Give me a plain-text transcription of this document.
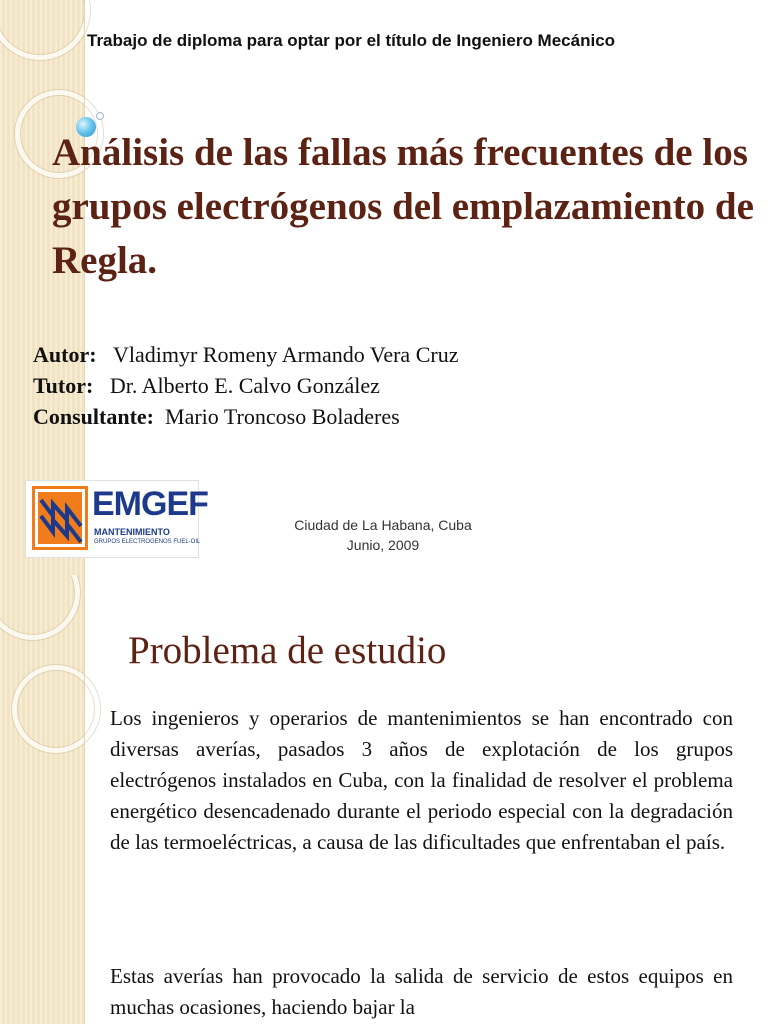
Trabajo de diploma para optar por el título de Ingeniero Mecánico
Análisis de las fallas más frecuentes de los grupos electrógenos del emplazamiento de Regla.
Autor: Vladimyr Romeny Armando Vera Cruz
Tutor: Dr. Alberto E. Calvo González
Consultante: Mario Troncoso Boladeres
EMGEF
MANTENIMIENTO
GRUPOS ELECTROGENOS FUEL-OIL
Ciudad de La Habana, Cuba
Junio, 2009
Problema de estudio

Los ingenieros y operarios de mantenimientos se han encontrado con diversas averías, pasados 3 años de explotación de los grupos electrógenos instalados en Cuba, con la finalidad de resolver el problema energético desencadenado durante el periodo especial con la degradación de las termoeléctricas, a causa de las dificultades que enfrentaban el país.

Estas averías han provocado la salida de servicio de estos equipos en muchas ocasiones, haciendo bajar la
